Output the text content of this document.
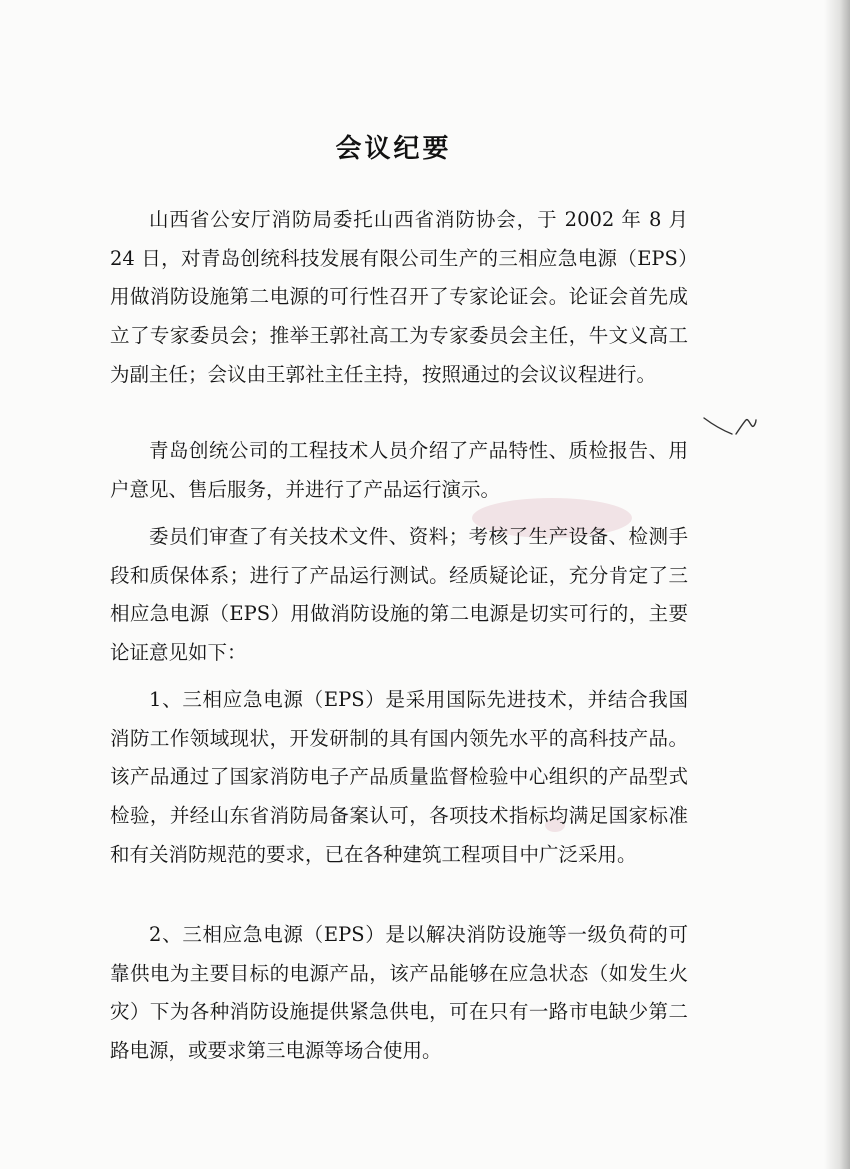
会议纪要

山西省公安厅消防局委托山西省消防协会，于 2002 年 8 月 24 日，对青岛创统科技发展有限公司生产的三相应急电源（EPS）用做消防设施第二电源的可行性召开了专家论证会。论证会首先成立了专家委员会；推举王郭社高工为专家委员会主任，牛文义高工为副主任；会议由王郭社主任主持，按照通过的会议议程进行。

青岛创统公司的工程技术人员介绍了产品特性、质检报告、用户意见、售后服务，并进行了产品运行演示。

委员们审查了有关技术文件、资料；考核了生产设备、检测手段和质保体系；进行了产品运行测试。经质疑论证，充分肯定了三相应急电源（EPS）用做消防设施的第二电源是切实可行的，主要论证意见如下：

1、三相应急电源（EPS）是采用国际先进技术，并结合我国消防工作领域现状，开发研制的具有国内领先水平的高科技产品。该产品通过了国家消防电子产品质量监督检验中心组织的产品型式检验，并经山东省消防局备案认可，各项技术指标均满足国家标准和有关消防规范的要求，已在各种建筑工程项目中广泛采用。

2、三相应急电源（EPS）是以解决消防设施等一级负荷的可靠供电为主要目标的电源产品，该产品能够在应急状态（如发生火灾）下为各种消防设施提供紧急供电，可在只有一路市电缺少第二路电源，或要求第三电源等场合使用。
